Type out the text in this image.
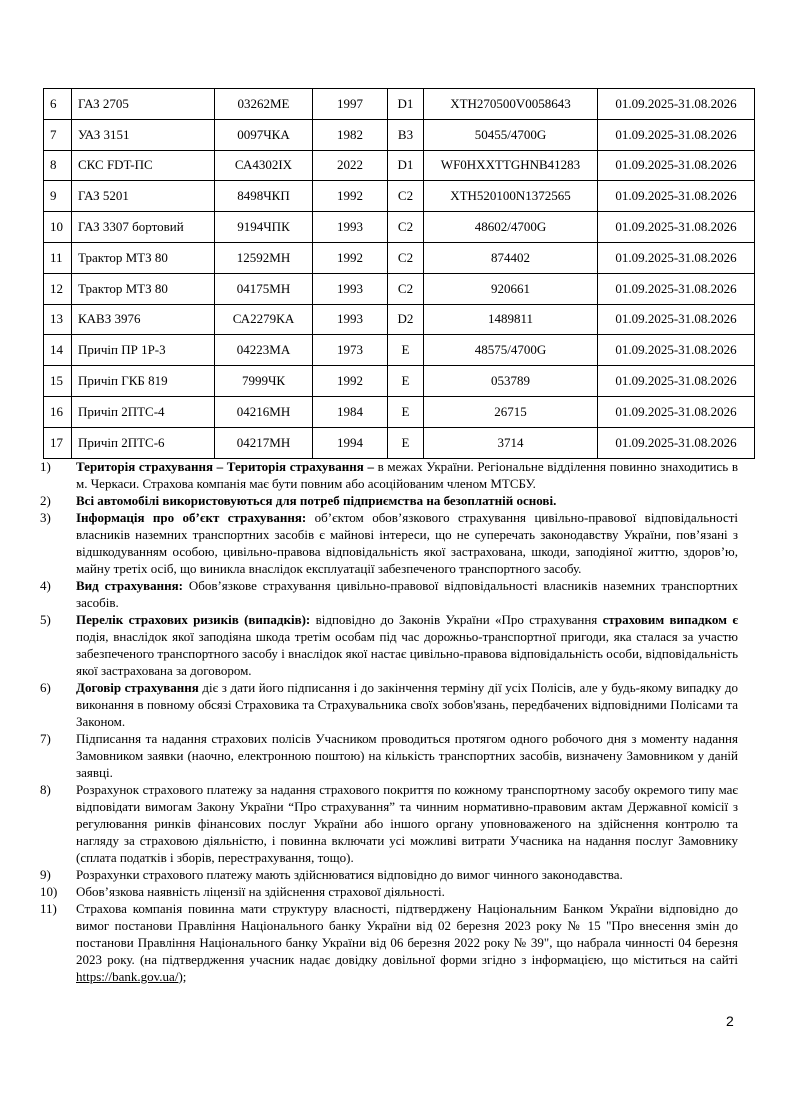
6	ГАЗ 2705	03262МЕ	1997	D1	XTH270500V0058643	01.09.2025-31.08.2026
7	УАЗ 3151	0097ЧКА	1982	B3	50455/4700G	01.09.2025-31.08.2026
8	СКС FDT-ПС	СА4302IX	2022	D1	WF0HXXTTGHNB41283	01.09.2025-31.08.2026
9	ГАЗ 5201	8498ЧКП	1992	C2	XTH520100N1372565	01.09.2025-31.08.2026
10	ГАЗ 3307 бортовий	9194ЧПК	1993	C2	48602/4700G	01.09.2025-31.08.2026
11	Трактор МТЗ 80	12592МН	1992	C2	874402	01.09.2025-31.08.2026
12	Трактор МТЗ 80	04175МН	1993	C2	920661	01.09.2025-31.08.2026
13	КАВЗ 3976	СА2279КА	1993	D2	1489811	01.09.2025-31.08.2026
14	Причіп ПР 1Р-3	04223МА	1973	E	48575/4700G	01.09.2025-31.08.2026
15	Причіп ГКБ 819	7999ЧК	1992	E	053789	01.09.2025-31.08.2026
16	Причіп 2ПТС-4	04216МН	1984	E	26715	01.09.2025-31.08.2026
17	Причіп 2ПТС-6	04217МН	1994	E	3714	01.09.2025-31.08.2026
1)	Територія страхування – Територія страхування – в межах України. Регіональне відділення повинно знаходитись в м. Черкаси. Страхова компанія має бути повним або асоційованим членом МТСБУ.
2)	Всі автомобілі використовуються для потреб підприємства на безоплатній основі.
3)	Інформація про об’єкт страхування: об’єктом обов’язкового страхування цивільно-правової відповідальності власників наземних транспортних засобів є майнові інтереси, що не суперечать законодавству України, пов’язані з відшкодуванням особою, цивільно-правова відповідальність якої застрахована, шкоди, заподіяної життю, здоров’ю, майну третіх осіб, що виникла внаслідок експлуатації забезпеченого транспортного засобу.
4)	Вид страхування: Обов’язкове страхування цивільно-правової відповідальності власників наземних транспортних засобів.
5)	Перелік страхових ризиків (випадків): відповідно до Законів України «Про страхування страховим випадком є подія, внаслідок якої заподіяна шкода третім особам під час дорожньо-транспортної пригоди, яка сталася за участю забезпеченого транспортного засобу і внаслідок якої настає цивільно-правова відповідальність особи, відповідальність якої застрахована за договором.
6)	Договір страхування діє з дати його підписання і до закінчення терміну дії усіх Полісів, але у будь-якому випадку до виконання в повному обсязі Страховика та Страхувальника своїх зобов'язань, передбачених відповідними Полісами та Законом.
7)	Підписання та надання страхових полісів Учасником проводиться протягом одного робочого дня з моменту надання Замовником заявки (наочно, електронною поштою) на кількість транспортних засобів, визначену Замовником у даній заявці.
8)	Розрахунок страхового платежу за надання страхового покриття по кожному транспортному засобу окремого типу має відповідати вимогам Закону України “Про страхування” та чинним нормативно-правовим актам Державної комісії з регулювання ринків фінансових послуг України або іншого органу уповноваженого на здійснення контролю та нагляду за страховою діяльністю, і повинна включати усі можливі витрати Учасника на надання послуг Замовнику (сплата податків і зборів, перестрахування, тощо).
9)	Розрахунки страхового платежу мають здійснюватися відповідно до вимог чинного законодавства.
10)	Обов’язкова наявність ліцензії на здійснення страхової діяльності.
11)	Страхова компанія повинна мати структуру власності, підтверджену Національним Банком України відповідно до вимог постанови Правління Національного банку України від 02 березня 2023 року № 15 "Про внесення змін до постанови Правління Національного банку України від 06 березня 2022 року № 39", що набрала чинності 04 березня 2023 року. (на підтвердження учасник надає довідку довільної форми згідно з інформацією, що міститься на сайті https://bank.gov.ua/);
2
